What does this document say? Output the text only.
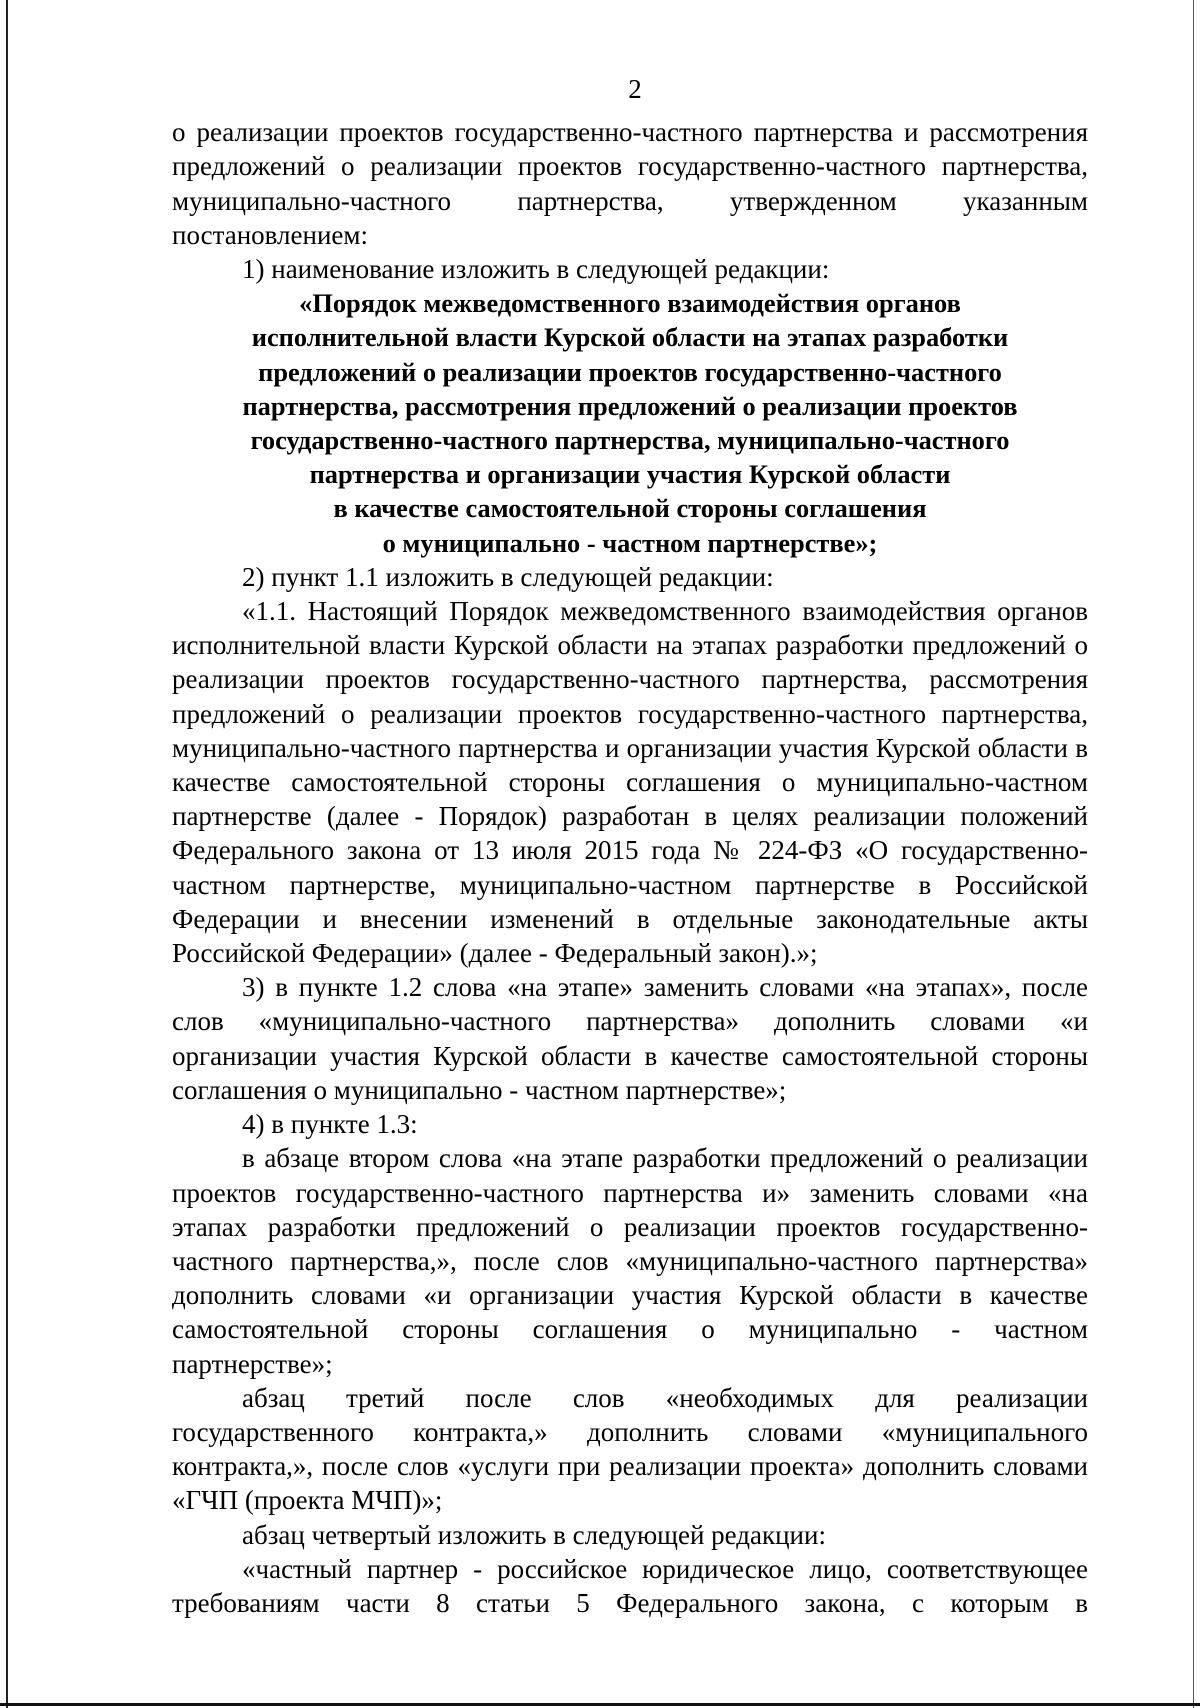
2

о реализации проектов государственно-частного партнерства и рассмотрения предложений о реализации проектов государственно-частного партнерства, муниципально-частного партнерства, утвержденном указанным постановлением:

1) наименование изложить в следующей редакции:

«Порядок межведомственного взаимодействия органов
исполнительной власти Курской области на этапах разработки
предложений о реализации проектов государственно-частного
партнерства, рассмотрения предложений о реализации проектов
государственно-частного партнерства, муниципально-частного
партнерства и организации участия Курской области
в качестве самостоятельной стороны соглашения
о муниципально - частном партнерстве»;

2) пункт 1.1 изложить в следующей редакции:

«1.1. Настоящий Порядок межведомственного взаимодействия органов исполнительной власти Курской области на этапах разработки предложений о реализации проектов государственно-частного партнерства, рассмотрения предложений о реализации проектов государственно-частного партнерства, муниципально-частного партнерства и организации участия Курской области в качестве самостоятельной стороны соглашения о муниципально-частном партнерстве (далее - Порядок) разработан в целях реализации положений Федерального закона от 13 июля 2015 года № 224-ФЗ «О государственно-частном партнерстве, муниципально-частном партнерстве в Российской Федерации и внесении изменений в отдельные законодательные акты Российской Федерации» (далее - Федеральный закон).»;

3) в пункте 1.2 слова «на этапе» заменить словами «на этапах», после слов «муниципально-частного партнерства» дополнить словами «и организации участия Курской области в качестве самостоятельной стороны соглашения о муниципально - частном партнерстве»;

4) в пункте 1.3:

в абзаце втором слова «на этапе разработки предложений о реализации проектов государственно-частного партнерства и» заменить словами «на этапах разработки предложений о реализации проектов государственно-частного партнерства,», после слов «муниципально-частного партнерства» дополнить словами «и организации участия Курской области в качестве самостоятельной стороны соглашения о муниципально - частном партнерстве»;

абзац третий после слов «необходимых для реализации государственного контракта,» дополнить словами «муниципального контракта,», после слов «услуги при реализации проекта» дополнить словами «ГЧП (проекта МЧП)»;

абзац четвертый изложить в следующей редакции:

«частный партнер - российское юридическое лицо, соответствующее требованиям части 8 статьи 5 Федерального закона, с которым в
